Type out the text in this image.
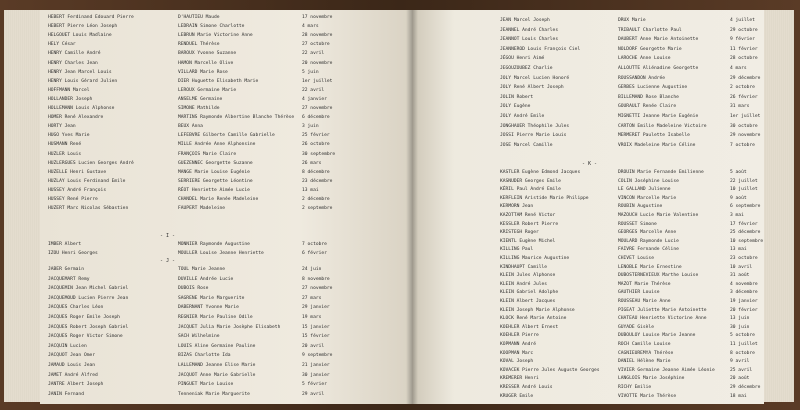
HEBERT Ferdinand Edouard Pierre	D'HAUTIEU Maude	17 novembre
HEBERT Pierre Léon Joseph	LEDRAIN Simone Charlotte	4 mars
HELGOUET Louis Madlaine	LEBRUN Marie Victorine Anne	28 novembre
HELY César	RENDUEL Thérèse	27 octobre
HENRY Camille André	BAROUX Yvonne Suzanne	22 avril
HENRY Charles Jean	HAMON Marcelle Olive	20 novembre
HENRY Jean Marcel Louis	VILLARD Marie Rose	5 juin
HENRY Louis Gérard Julien	DIER Huguette Elisabeth Marie	1er juillet
HOFFMANN Marcel	LEROUX Germaine Marie	22 avril
HOLLANDER Joseph	ANSELME Germaine	4 janvier
HOLLEMANN Louis Alphonse	SIMONE Mathilde	27 novembre
HOMER René Alexandre	MARTINS Raymonde Albertine Blanche Thérèse 6 décembre
HORTY Jean	BEUX Anna	3 juin
HUGO Yves Marie	LEFEBVRE Gilberte Camille Gabrielle	25 février
HUSMANN René	MILLE Andrée Anne Alphonsine	26 octobre
HUZLER Louis	FRANÇOIS Marie Claire	30 septembre
HUZLERGUES Lucien Georges André	GUEZENNEC Georgette Suzanne	26 mars
HUZELLE Henri Gustave	MANGE Marie Louise Eugénie	8 décembre
HUZLAY Louis Ferdinand Emile	SERRIERE Georgette Léontine	23 décembre
HUSSEY André François	RÉOT Henriette Aimée Lucie	13 mai
HUSSEY René Pierre	CHANDEL Marie Renée Madeleine	2 décembre
HUZERT Marc Nicolas Sébastien	FAUPERT Madeleine	2 septembre
- I -
IMBER Albert	MONNIER Raymonde Augustine	7 octobre
IZOU Henri Georges	MOULLER Louise Jeanne Henriette	6 février
- J -
JABER Germain	TOUL Marie Jeanne	24 juin
JACQUEMART Remy	DUVILLE Andrée Lucie	8 novembre
JACQUEMIN Jean Michel Gabriel	DUBOIS Rose	27 novembre
JACQUEMOUD Lucien Pierre Jean	SAGRENE Marie Marguerite	27 mars
JACQUES Charles Léon	DABERNANT Yvonne Marie	29 janvier
JACQUES Roger Emile Joseph	REGNIER Marie Pauline Odile	19 mars
JACQUES Robert Joseph Gabriel	JACQUET Julia Marie Josèphe Elisabeth	15 janvier
JACQUES Roger Victor Simone	SACH Wilhelmine	15 février
JACQUIN Lucien	LOUIS Aline Germaine Pauline	20 avril
JACQUOT Jean Omer	BIZAS Charlotte Ida	9 septembre
JAMAUD Louis Jean	LALLEMAND Jeanne Elise Marie	21 janvier
JAMET André Alfred	JACQUOT Anne Marie Gabrielle	30 janvier
JANTRE Albert Joseph	PINGUET Marie Louise	5 février
JANIN Fernand	Tenneniak Marie Marguerite	29 avril
JEAN Marcel Joseph	DRUX Marie	4 juillet
JEANNEL André Charles	TRIBAULT Charlotte Paul	29 octobre
JEANNOT Louis Charles	DAUBERT Anne Marie Antoinette	9 février
JEANNEROD Louis François Ciel	NOLDORF Georgette Marie	11 février
JÉGOU Henri Aimé	LAROCHE Anne Louise	28 octobre
JEGOUZOUBEZ Charlie	ALLOUTTE Aliénadine Georgette	4 mars
JOLY Marcel Lucien Honoré	ROUSSANDON Andrée	29 décembre
JOLY René Albert Joseph	GERBES Lucienne Augustine	2 octobre
JOLIN Robert	BILLEMAND Rose Blanche	26 février
JOLY Eugène	GOURAULT Renée Claire	31 mars
JOLY André Emile	MIGNETTI Jeanne Marie Eugénie	1er juillet
JONGHAUER Théophile Jules	CARTON Emilie Madeleine Victoire	30 octobre
JOSSI Pierre Marie Louis	MERMERET Paulette Isabelle	29 novembre
JOSE Marcel Camille	VROIX Madeleine Marie Céline	7 octobre
- K -
KASTLER Eugène Edmond Jacques	DROUIN Marie Fernande Emilienne	5 août
KASNUDER Georges Emile	COLIN Joséphine Louise	22 juillet
KÉRIL Paul André Emile	LE GALLAND Julienne	10 juillet
KERFLEIN Aristide Marie Philippe	VINCON Marcelle Marie	9 août
KERMORN Jean	ROUBIN Augustine	6 septembre
KAZOTTAM René Victor	MAZOUCH Lucie Marie Valentine	3 mai
KESSLER Robert Pierre	ROUSSET Simone	17 février
KRISTEGH Roger	GEORGES Marcelle Anne	25 décembre
KIENTL Eugène Michel	MOULARD Raymonde Lucie	10 septembre
KILLING Paul	FAIVRE Fernande Céline	13 mai
KILLING Maurice Augustine	CHIVET Louise	23 octobre
KINDHAUPT Camille	LENOBLE Marie Ernestine	10 avril
KLEIN Jules Alphonse	DUBOSTERNEVIEUX Marthe Louise	31 août
KLEIN André Jules	MAZOT Marie Thérèse	4 novembre
KLEIN Gabriel Adolphe	GAUTHIER Louise	3 décembre
KLEIN Albert Jacques	ROUSSEAU Marie Anne	19 janvier
KLEIN Joseph Marie Alphonse	PIGEAT Juliette Marie Antoinette	20 février
KLOCK René Marie Antoine	CHATEAU Henriette Victorine Anne	13 juin
KOEHLER Albert Ernest	GUYADE Gisèle	30 juin
KOEHLER Pierre	DUBOULOY Louise Marie Jeanne	5 octobre
KOPMANN André	ROCH Camille Louise	11 juillet
KOOPMAN Marc	CAGNIEUREMYA Thérèse	8 octobre
KOVAL Joseph	DANIEL Hélène Marie	9 avril
KOVACEK Pierre Jules Auguste Georges	VIVIER Germaine Jeanne Aimée Léonie	25 avril
KREMERER Henri	LANGLOIS Marie Joséphine	20 août
KRESSER André Louis	RICHY Emilie	29 décembre
KRUGER Emile	VIVOTTE Marie Thérèse	18 mai
